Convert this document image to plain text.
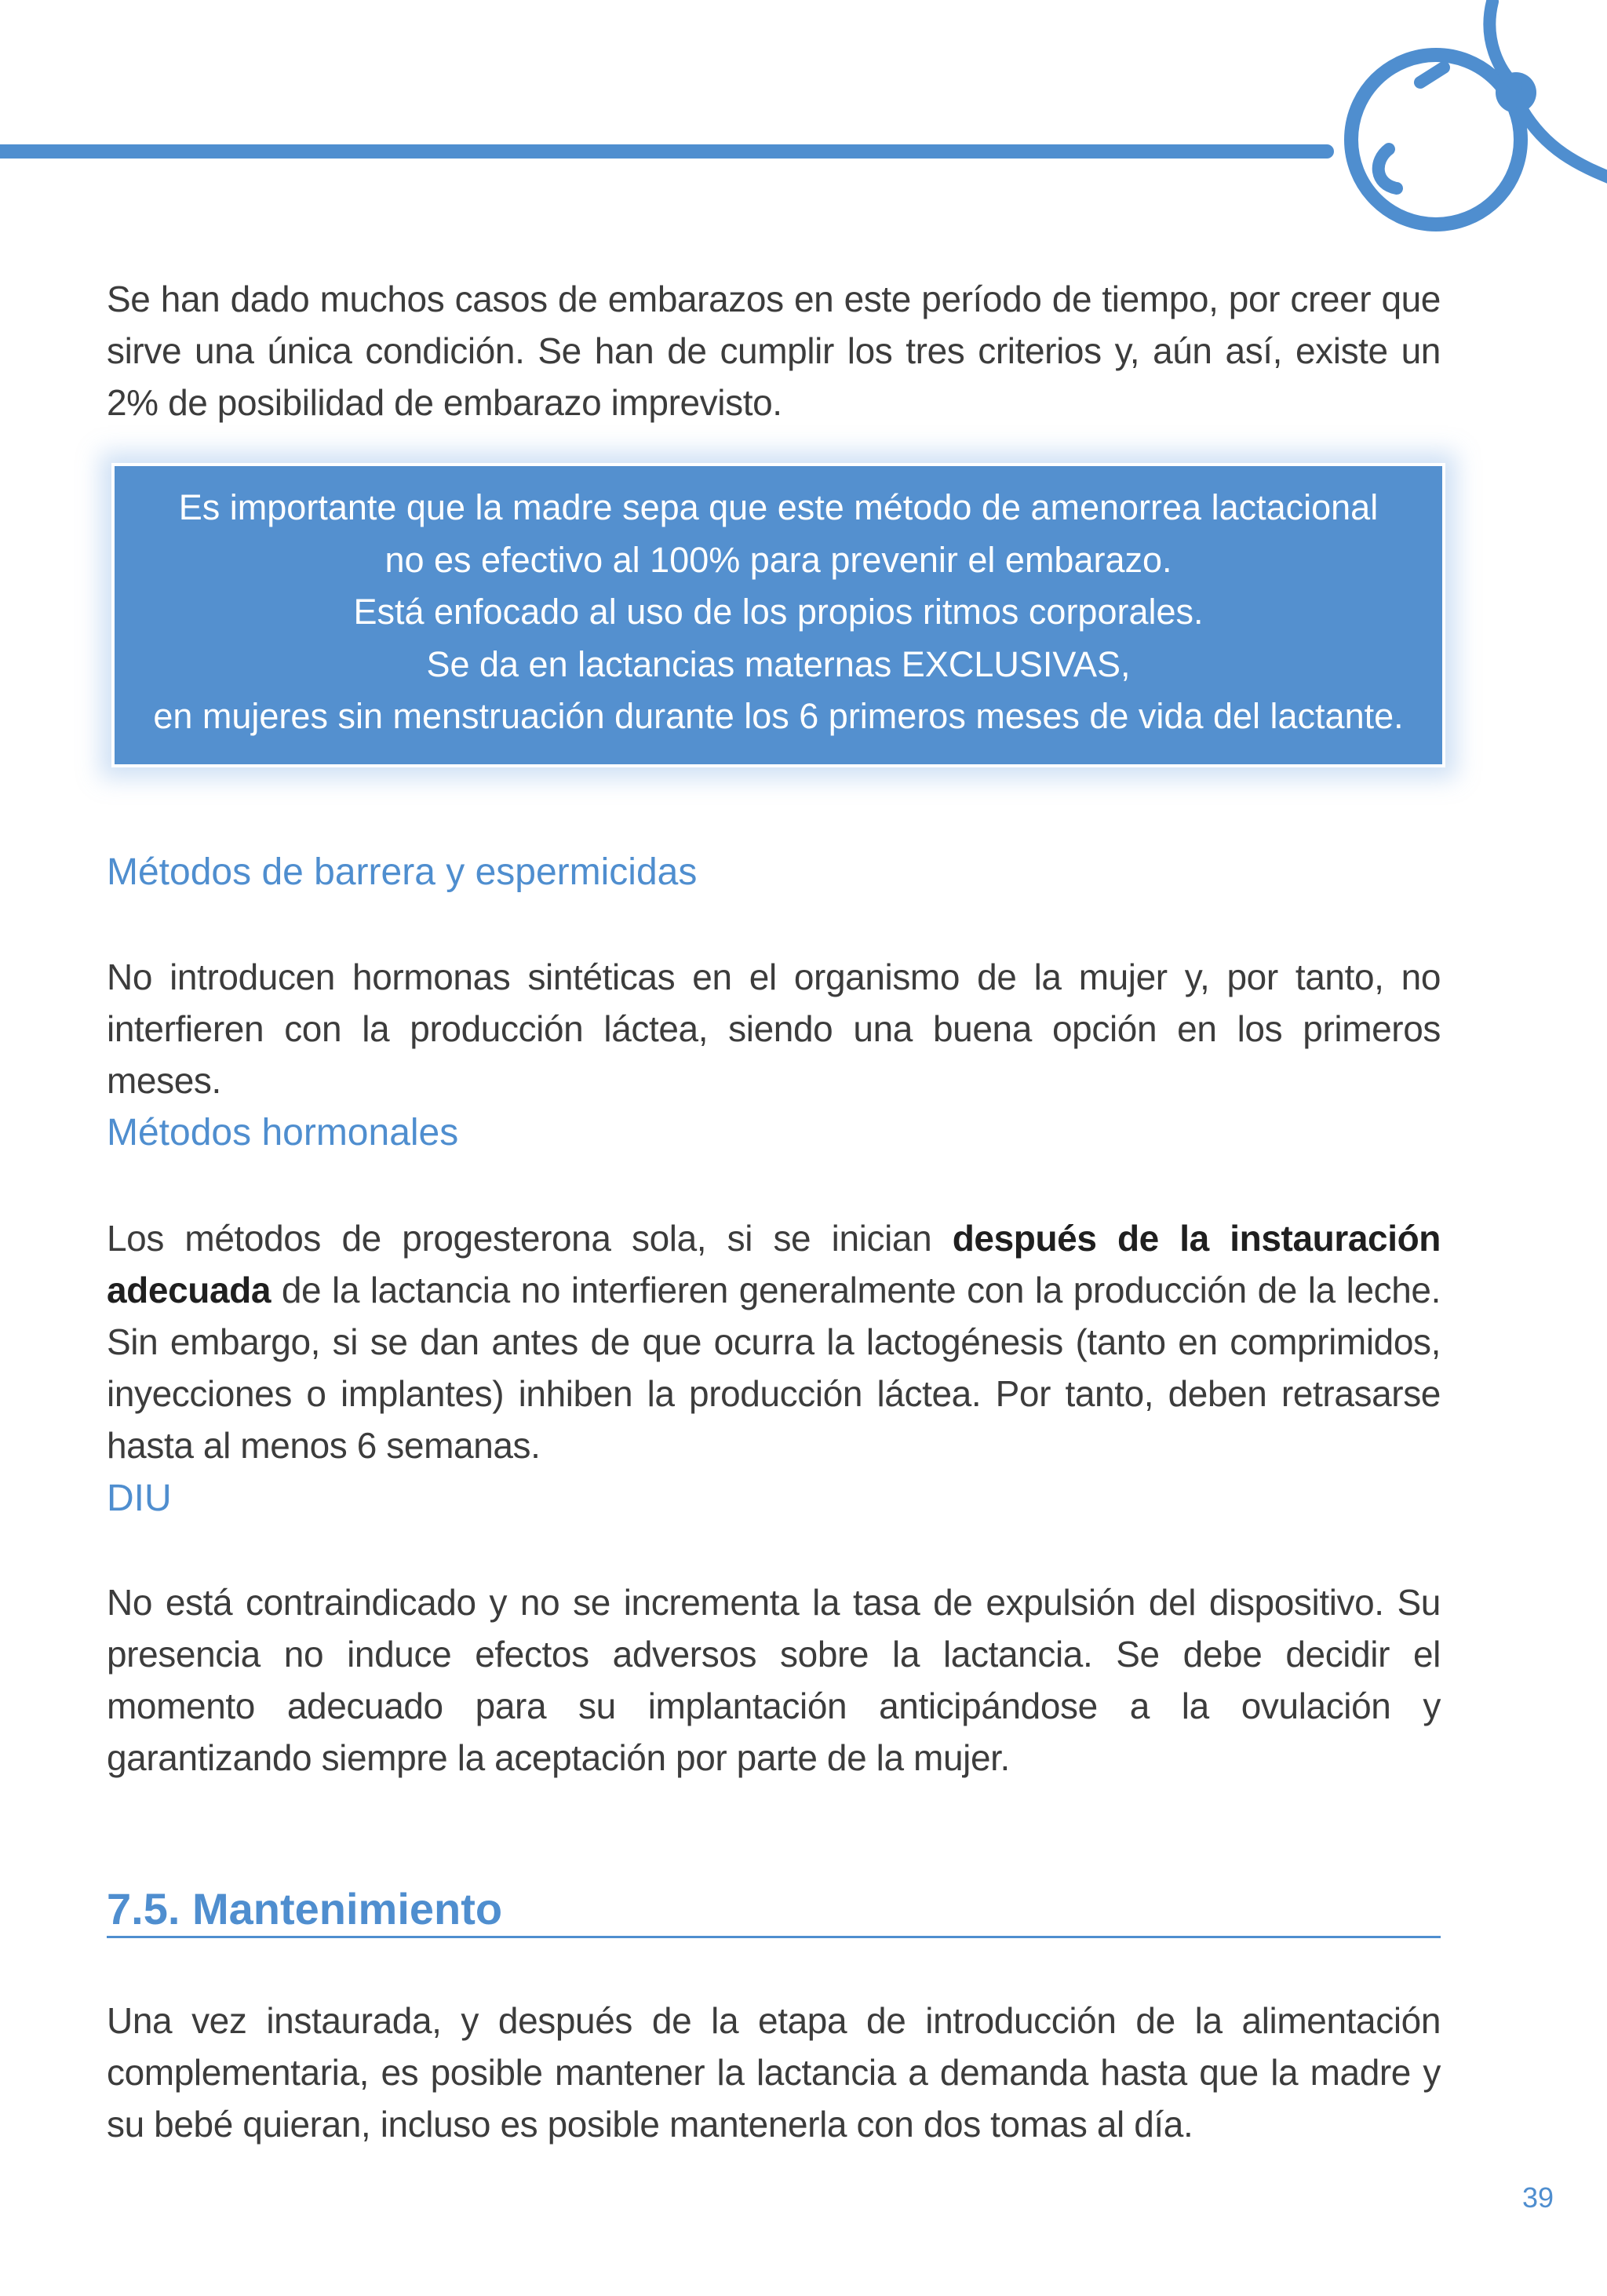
Se han dado muchos casos de embarazos en este período de tiempo, por creer que sirve una única condición. Se han de cumplir los tres criterios y, aún así, existe un 2% de posibilidad de embarazo imprevisto.
Es importante que la madre sepa que este método de amenorrea lactacional
no es efectivo al 100% para prevenir el embarazo.
Está enfocado al uso de los propios ritmos corporales.
Se da en lactancias maternas EXCLUSIVAS,
en mujeres sin menstruación durante los 6 primeros meses de vida del lactante.
Métodos de barrera y espermicidas
No introducen hormonas sintéticas en el organismo de la mujer y, por tanto, no interfieren con la producción láctea, siendo una buena opción en los primeros meses.
Métodos hormonales
Los métodos de progesterona sola, si se inician después de la instauración adecuada de la lactancia no interfieren generalmente con la producción de la leche. Sin embargo, si se dan antes de que ocurra la lactogénesis (tanto en comprimidos, inyecciones o implantes) inhiben la producción láctea. Por tanto, deben retrasarse hasta al menos 6 semanas.
DIU
No está contraindicado y no se incrementa la tasa de expulsión del dispositivo. Su presencia no induce efectos adversos sobre la lactancia. Se debe decidir el momento adecuado para su implantación anticipándose a la ovulación y garantizando siempre la aceptación por parte de la mujer.
7.5. Mantenimiento
Una vez instaurada, y después de la etapa de introducción de la alimentación complementaria, es posible mantener la lactancia a demanda hasta que la madre y su bebé quieran, incluso es posible mantenerla con dos tomas al día.
39
